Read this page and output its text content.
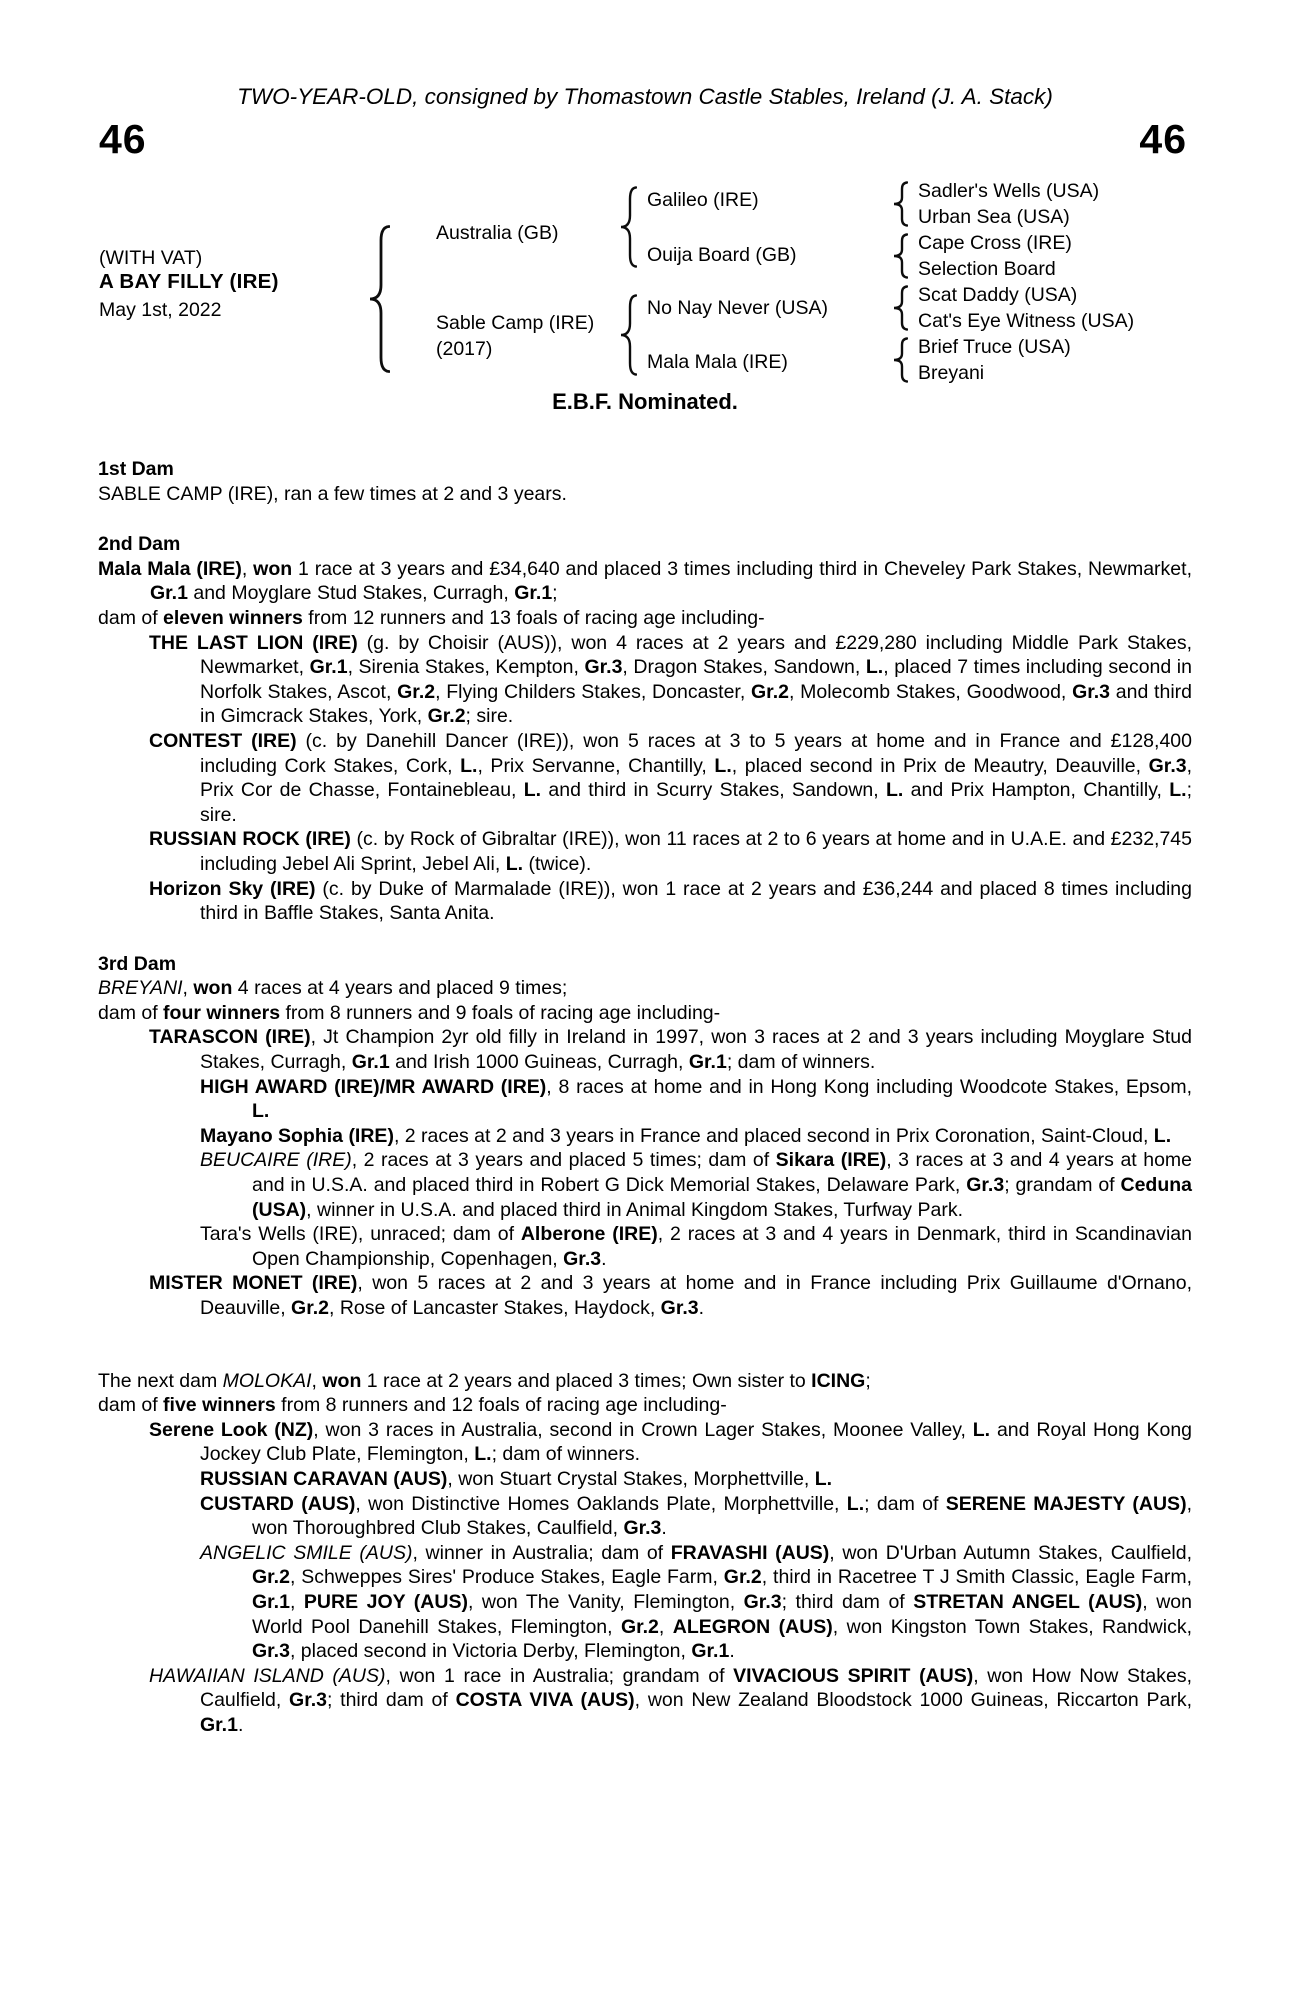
TWO-YEAR-OLD, consigned by Thomastown Castle Stables, Ireland (J. A. Stack)
46	46
(WITH VAT)
A BAY FILLY (IRE)
May 1st, 2022
Australia (GB)
Sable Camp (IRE)
(2017)
Galileo (IRE)
Ouija Board (GB)
No Nay Never (USA)
Mala Mala (IRE)
Sadler's Wells (USA)
Urban Sea (USA)
Cape Cross (IRE)
Selection Board
Scat Daddy (USA)
Cat's Eye Witness (USA)
Brief Truce (USA)
Breyani
E.B.F. Nominated.
1st Dam
SABLE CAMP (IRE), ran a few times at 2 and 3 years.
2nd Dam
Mala Mala (IRE), won 1 race at 3 years and £34,640 and placed 3 times including third in Cheveley Park Stakes, Newmarket, Gr.1 and Moyglare Stud Stakes, Curragh, Gr.1;
dam of eleven winners from 12 runners and 13 foals of racing age including-
THE LAST LION (IRE) (g. by Choisir (AUS)), won 4 races at 2 years and £229,280 including Middle Park Stakes, Newmarket, Gr.1, Sirenia Stakes, Kempton, Gr.3, Dragon Stakes, Sandown, L., placed 7 times including second in Norfolk Stakes, Ascot, Gr.2, Flying Childers Stakes, Doncaster, Gr.2, Molecomb Stakes, Goodwood, Gr.3 and third in Gimcrack Stakes, York, Gr.2; sire.
CONTEST (IRE) (c. by Danehill Dancer (IRE)), won 5 races at 3 to 5 years at home and in France and £128,400 including Cork Stakes, Cork, L., Prix Servanne, Chantilly, L., placed second in Prix de Meautry, Deauville, Gr.3, Prix Cor de Chasse, Fontainebleau, L. and third in Scurry Stakes, Sandown, L. and Prix Hampton, Chantilly, L.; sire.
RUSSIAN ROCK (IRE) (c. by Rock of Gibraltar (IRE)), won 11 races at 2 to 6 years at home and in U.A.E. and £232,745 including Jebel Ali Sprint, Jebel Ali, L. (twice).
Horizon Sky (IRE) (c. by Duke of Marmalade (IRE)), won 1 race at 2 years and £36,244 and placed 8 times including third in Baffle Stakes, Santa Anita.
3rd Dam
BREYANI, won 4 races at 4 years and placed 9 times;
dam of four winners from 8 runners and 9 foals of racing age including-
TARASCON (IRE), Jt Champion 2yr old filly in Ireland in 1997, won 3 races at 2 and 3 years including Moyglare Stud Stakes, Curragh, Gr.1 and Irish 1000 Guineas, Curragh, Gr.1; dam of winners.
HIGH AWARD (IRE)/MR AWARD (IRE), 8 races at home and in Hong Kong including Woodcote Stakes, Epsom, L.
Mayano Sophia (IRE), 2 races at 2 and 3 years in France and placed second in Prix Coronation, Saint-Cloud, L.
BEUCAIRE (IRE), 2 races at 3 years and placed 5 times; dam of Sikara (IRE), 3 races at 3 and 4 years at home and in U.S.A. and placed third in Robert G Dick Memorial Stakes, Delaware Park, Gr.3; grandam of Ceduna (USA), winner in U.S.A. and placed third in Animal Kingdom Stakes, Turfway Park.
Tara's Wells (IRE), unraced; dam of Alberone (IRE), 2 races at 3 and 4 years in Denmark, third in Scandinavian Open Championship, Copenhagen, Gr.3.
MISTER MONET (IRE), won 5 races at 2 and 3 years at home and in France including Prix Guillaume d'Ornano, Deauville, Gr.2, Rose of Lancaster Stakes, Haydock, Gr.3.
The next dam MOLOKAI, won 1 race at 2 years and placed 3 times; Own sister to ICING;
dam of five winners from 8 runners and 12 foals of racing age including-
Serene Look (NZ), won 3 races in Australia, second in Crown Lager Stakes, Moonee Valley, L. and Royal Hong Kong Jockey Club Plate, Flemington, L.; dam of winners.
RUSSIAN CARAVAN (AUS), won Stuart Crystal Stakes, Morphettville, L.
CUSTARD (AUS), won Distinctive Homes Oaklands Plate, Morphettville, L.; dam of SERENE MAJESTY (AUS), won Thoroughbred Club Stakes, Caulfield, Gr.3.
ANGELIC SMILE (AUS), winner in Australia; dam of FRAVASHI (AUS), won D'Urban Autumn Stakes, Caulfield, Gr.2, Schweppes Sires' Produce Stakes, Eagle Farm, Gr.2, third in Racetree T J Smith Classic, Eagle Farm, Gr.1, PURE JOY (AUS), won The Vanity, Flemington, Gr.3; third dam of STRETAN ANGEL (AUS), won World Pool Danehill Stakes, Flemington, Gr.2, ALEGRON (AUS), won Kingston Town Stakes, Randwick, Gr.3, placed second in Victoria Derby, Flemington, Gr.1.
HAWAIIAN ISLAND (AUS), won 1 race in Australia; grandam of VIVACIOUS SPIRIT (AUS), won How Now Stakes, Caulfield, Gr.3; third dam of COSTA VIVA (AUS), won New Zealand Bloodstock 1000 Guineas, Riccarton Park, Gr.1.
